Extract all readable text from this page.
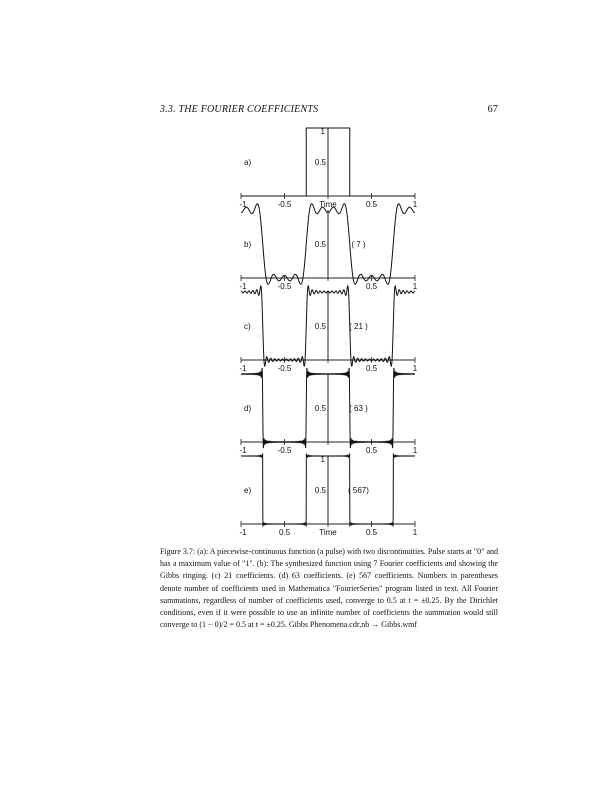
3.3. THE FOURIER COEFFICIENTS	67
-1	-0.5	Time	0.5	1
1
0.5
a)
-1	-0.5	0.5	1
0.5
b)	( 7 )
-1	-0.5	0.5	1
0.5
c)	( 21 )
-1	-0.5	0.5	1
0.5
d)	( 63 )
-1	0.5	Time	0.5	1
1
0.5
e)	( 567)

Figure 3.7: (a): A piecewise-continuous function (a pulse) with two discontinuities. Pulse starts at "0" and has a maximum value of "1". (b): The synthesized function using 7 Fourier coefficients and showing the Gibbs ringing. (c) 21 coefficients. (d) 63 coefficients. (e) 567 coefficients. Numbers in parentheses denote number of coefficients used in Mathematica "FourierSeries" program listed in text. All Fourier summations, regardless of number of coefficients used, converge to 0.5 at t = ±0.25. By the Dirichlet conditions, even if it were possible to use an infinite number of coefficients the summation would still converge to (1 − 0)/2 = 0.5 at t = ±0.25. Gibbs Phenomena.cdr,nb → Gibbs.wmf
